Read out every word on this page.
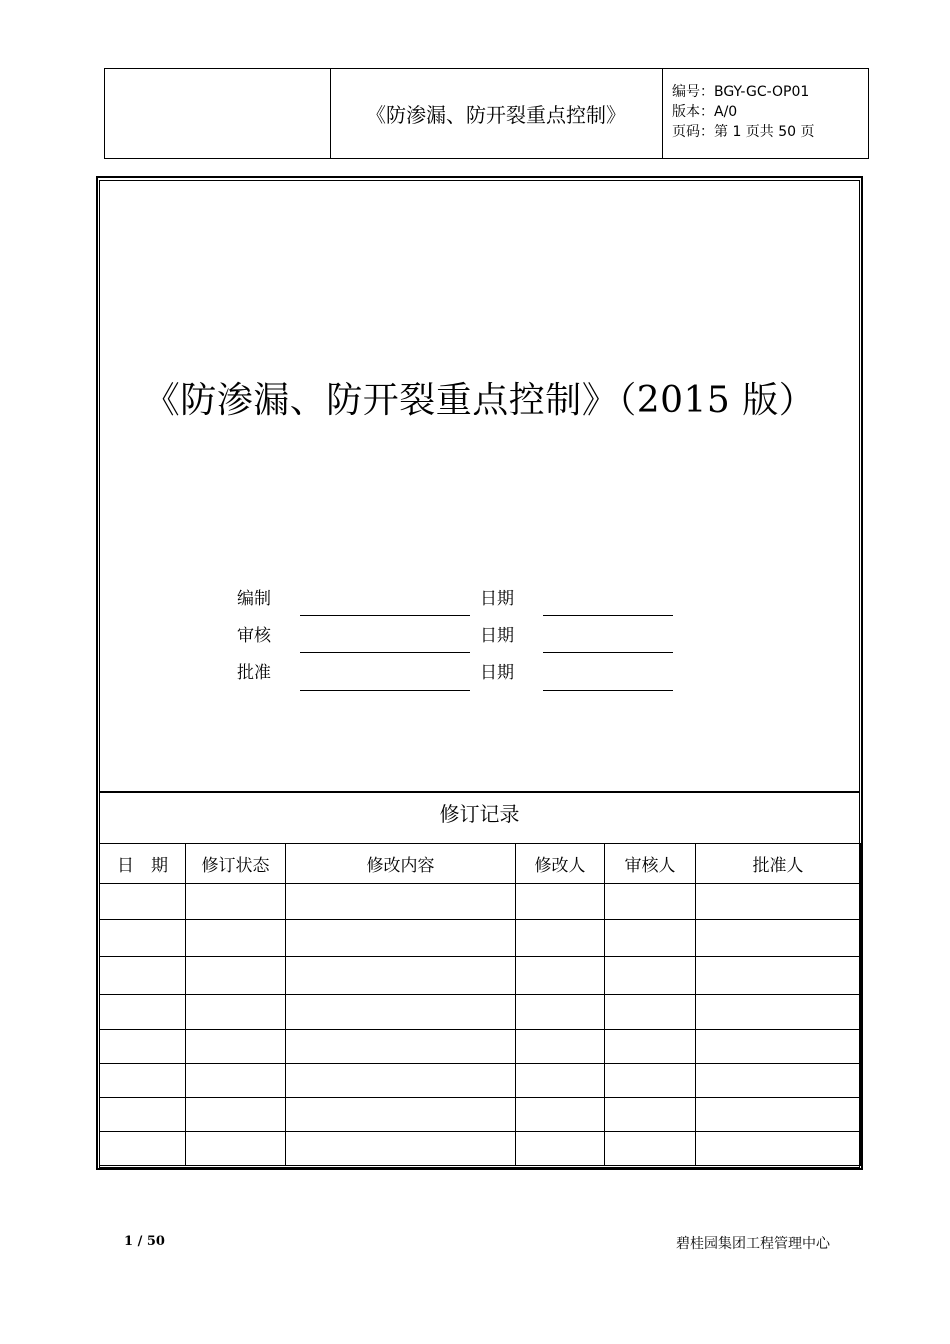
《防渗漏、防开裂重点控制》
编号：BGY-GC-OP01
版本：A/0
页码：第 1 页共 50 页
《防渗漏、防开裂重点控制》（2015 版）
编制	日期
审核	日期
批准	日期
修订记录
日　期	修订状态	修改内容	修改人	审核人	批准人

1 / 50	碧桂园集团工程管理中心
